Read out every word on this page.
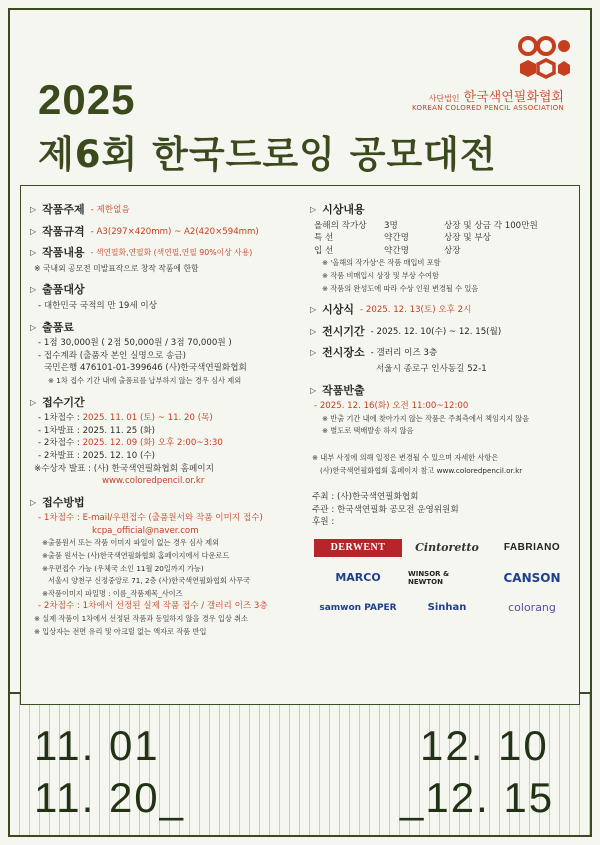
사단법인 한국색연필화협회
KOREAN COLORED PENCIL ASSOCIATION
2025
제6회 한국드로잉 공모대전
▷ 작품주제 - 제한없음
▷ 작품규격 - A3(297×420mm) ~ A2(420×594mm)
▷ 작품내용 - 색연필화,연필화 (색연필,연필 90%이상 사용)
※ 국내외 공모전 미발표작으로 창작 작품에 한함
▷ 출품대상
- 대한민국 국적의 만 19세 이상
▷ 출품료
- 1점 30,000원 ( 2점 50,000원 / 3점 70,000원 )
- 접수계좌 (출품자 본인 실명으로 송금)
국민은행 476101-01-399646 (사)한국색연필화협회
※ 1차 접수 기간 내에 출품료를 납부하지 않는 경우 심사 제외
▷ 접수기간
- 1차접수 : 2025. 11. 01 (토) ~ 11. 20 (목)
- 1차발표 : 2025. 11. 25 (화)
- 2차접수 : 2025. 12. 09 (화) 오후 2:00~3:30
- 2차발표 : 2025. 12. 10 (수)
※수상자 발표 : (사) 한국색연필화협회 홈페이지
www.coloredpencil.or.kr
▷ 접수방법
- 1차접수 : E-mail/우편접수 (출품원서와 작품 이미지 접수)
kcpa_official@naver.com
※출품원서 또는 작품 이미지 파일이 없는 경우 심사 제외
※출품 원서는 (사)한국색연필화협회 홈페이지에서 다운로드
※우편접수 가능 (우체국 소인 11월 20일까지 가능)
서울시 양천구 신정중앙로 71, 2층 (사)한국색연필화협회 사무국
※작품이미지 파일명 : 이름_작품제목_사이즈
- 2차접수 : 1차에서 선정된 실제 작품 접수 / 갤러리 이즈 3층
※ 실제 작품이 1차에서 선정된 작품과 동일하지 않을 경우 입상 취소
※ 입상자는 전면 유리 및 아크릴 없는 액자로 작품 반입
▷ 시상내용
올해의 작가상	3명	상장 및 상금 각 100만원
특 선	약간명	상장 및 부상
입 선	약간명	상장
※ '올해의 작가상'은 작품 매입비 포함
※ 작품 비매입시 상장 및 부상 수여함
※ 작품의 완성도에 따라 수상 인원 변경될 수 있음
▷ 시상식 - 2025. 12. 13(토) 오후 2시
▷ 전시기간 - 2025. 12. 10(수) ~ 12. 15(월)
▷ 전시장소 - 갤러리 이즈 3층
서울시 종로구 인사동길 52-1
▷ 작품반출
- 2025. 12. 16(화) 오전 11:00~12:00
※ 반출 기간 내에 찾아가지 않는 작품은 주최측에서 책임지지 않음
※ 별도로 택배발송 하지 않음
※ 내부 사정에 의해 일정은 변경될 수 있으며 자세한 사항은
(사)한국색연필화협회 홈페이지 참고 www.coloredpencil.or.kr
주최 : (사)한국색연필화협회
주관 : 한국색연필화 공모전 운영위원회
후원 :
DERWENT	Cintoretto	FABRIANO
MARCO	WINSOR & NEWTON	CANSON
samwon PAPER	Sinhan	colorang
11. 01
11. 20_
12. 10
_12. 15
